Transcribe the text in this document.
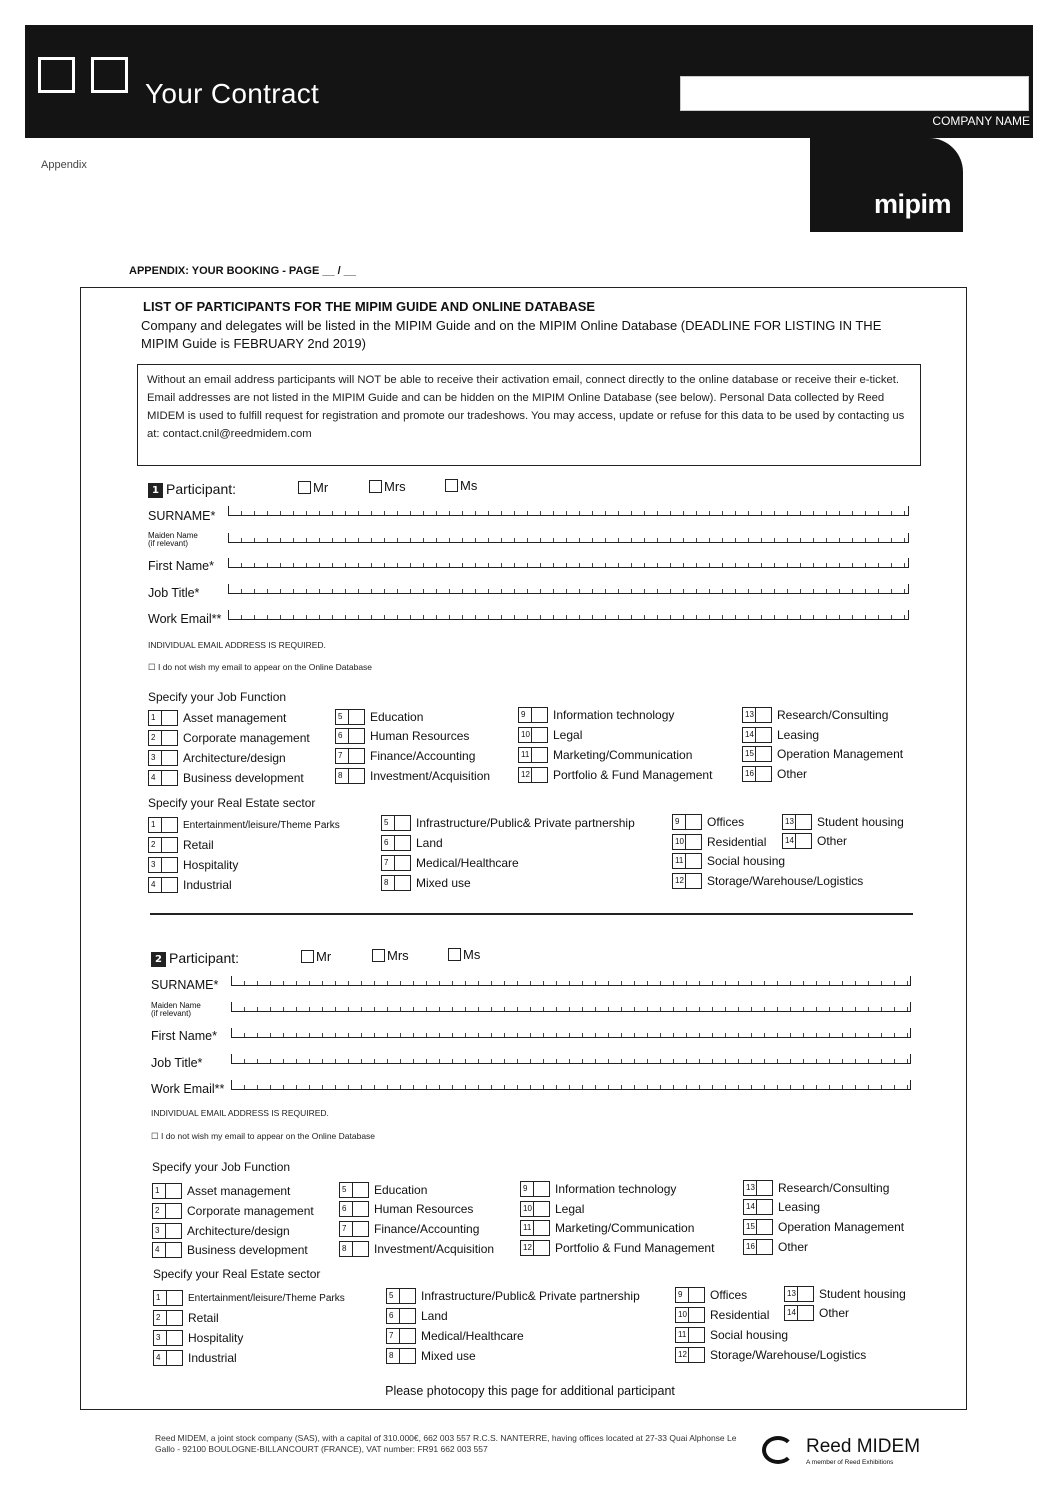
Your Contract
COMPANY NAME
Appendix
mipim
APPENDIX: YOUR BOOKING - PAGE __ / __
LIST OF PARTICIPANTS FOR THE MIPIM GUIDE AND ONLINE DATABASE
Company and delegates will be listed in the MIPIM Guide and on the MIPIM Online Database (DEADLINE FOR LISTING IN THE MIPIM Guide is FEBRUARY 2nd 2019)
Without an email address participants will NOT be able to receive their activation email, connect directly to the online database or receive their e-ticket. Email addresses are not listed in the MIPIM Guide and can be hidden on the MIPIM Online Database (see below). Personal Data collected by Reed MIDEM is used to fulfill request for registration and promote our tradeshows. You may access, update or refuse for this data to be used by contacting us at: contact.cnil@reedmidem.com
1 Participant:	Mr	Mrs	Ms
SURNAME*
Maiden Name
(if relevant)
First Name*
Job Title*
Work Email**
INDIVIDUAL EMAIL ADDRESS IS REQUIRED.
☐ I do not wish my email to appear on the Online Database
Specify your Job Function
1	Asset management
2	Corporate management
3	Architecture/design
4	Business development
5	Education
6	Human Resources
7	Finance/Accounting
8	Investment/Acquisition
9	Information technology
10	Legal
11	Marketing/Communication
12	Portfolio & Fund Management
13	Research/Consulting
14	Leasing
15	Operation Management
16	Other
Specify your Real Estate sector
1	Entertainment/leisure/Theme Parks
2	Retail
3	Hospitality
4	Industrial
5	Infrastructure/Public& Private partnership
6	Land
7	Medical/Healthcare
8	Mixed use
9	Offices
10	Residential
11	Social housing
12	Storage/Warehouse/Logistics
13	Student housing
14	Other
2 Participant:	Mr	Mrs	Ms
SURNAME*
Maiden Name
(if relevant)
First Name*
Job Title*
Work Email**
INDIVIDUAL EMAIL ADDRESS IS REQUIRED.
☐ I do not wish my email to appear on the Online Database
Specify your Job Function
1	Asset management
2	Corporate management
3	Architecture/design
4	Business development
5	Education
6	Human Resources
7	Finance/Accounting
8	Investment/Acquisition
9	Information technology
10	Legal
11	Marketing/Communication
12	Portfolio & Fund Management
13	Research/Consulting
14	Leasing
15	Operation Management
16	Other
Specify your Real Estate sector
1	Entertainment/leisure/Theme Parks
2	Retail
3	Hospitality
4	Industrial
5	Infrastructure/Public& Private partnership
6	Land
7	Medical/Healthcare
8	Mixed use
9	Offices
10	Residential
11	Social housing
12	Storage/Warehouse/Logistics
13	Student housing
14	Other
Please photocopy this page for additional participant
Reed MIDEM, a joint stock company (SAS), with a capital of 310.000€, 662 003 557 R.C.S. NANTERRE, having offices located at 27-33 Quai Alphonse Le Gallo - 92100 BOULOGNE-BILLANCOURT (FRANCE), VAT number: FR91 662 003 557	Reed MIDEM
A member of Reed Exhibitions
